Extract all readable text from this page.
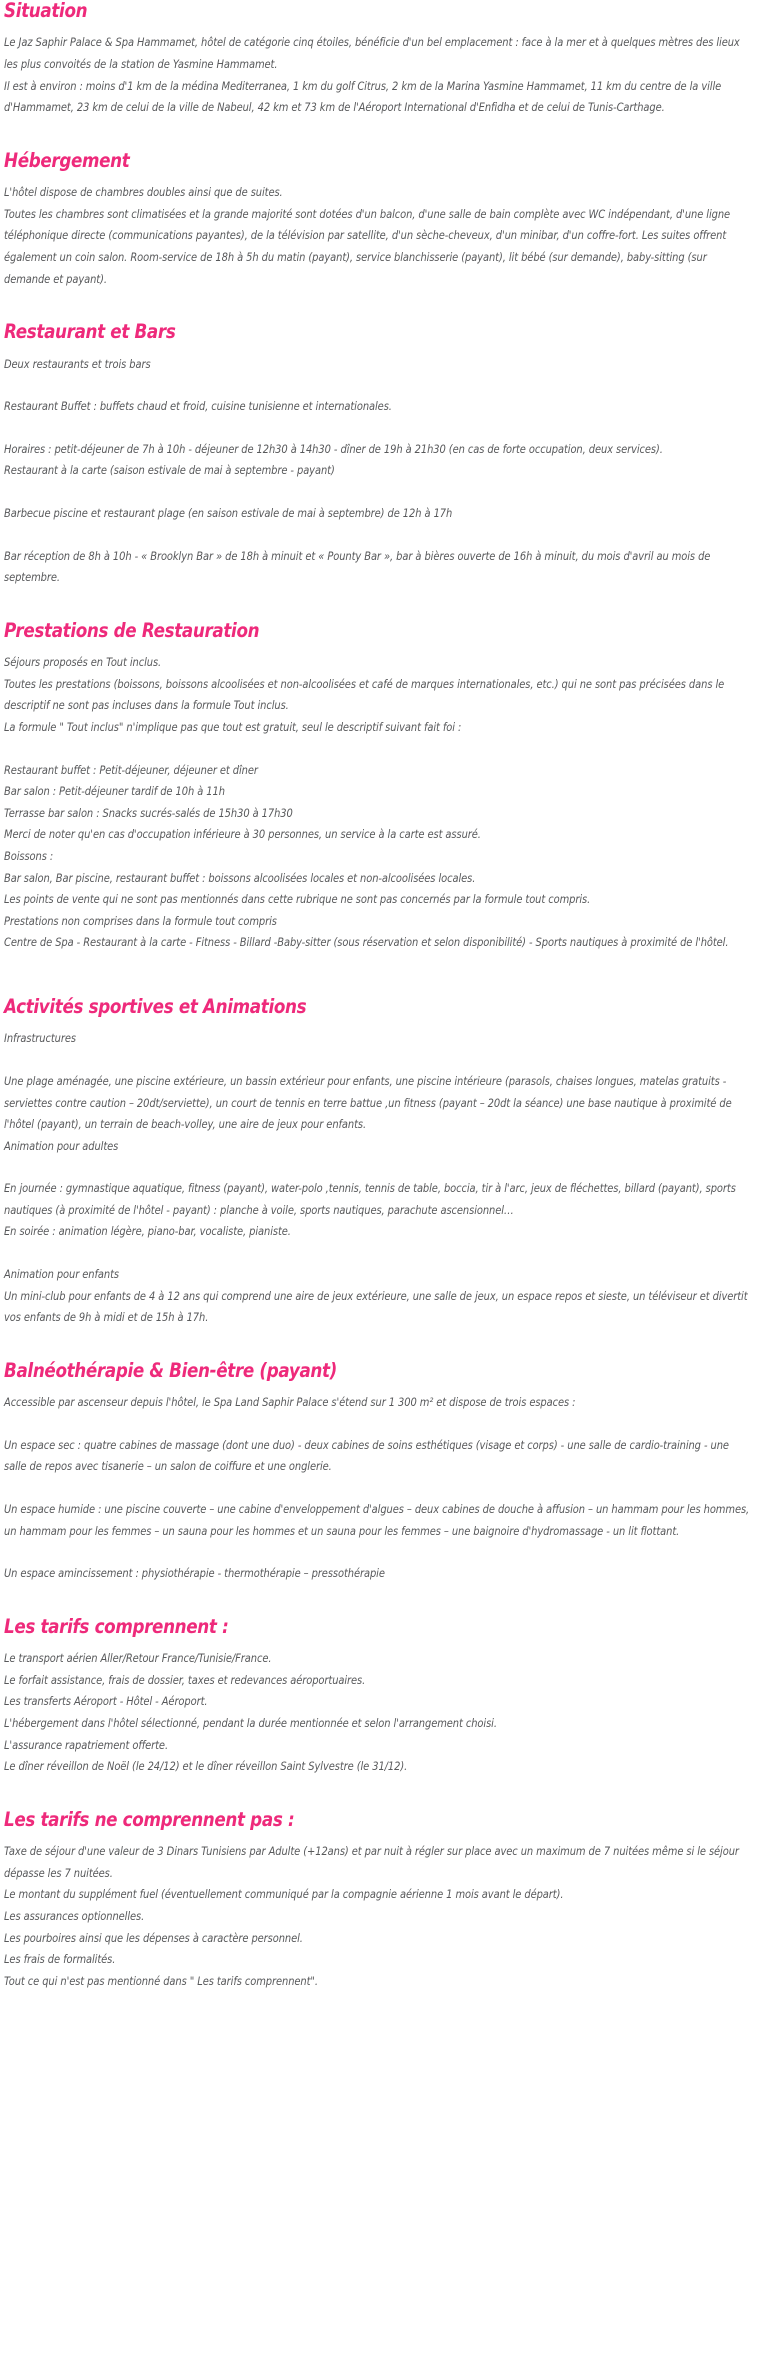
Situation

Le Jaz Saphir Palace & Spa Hammamet, hôtel de catégorie cinq étoiles, bénéficie d'un bel emplacement : face à la mer et à quelques mètres des lieux les plus convoités de la station de Yasmine Hammamet.

Il est à environ : moins d'1 km de la médina Mediterranea, 1 km du golf Citrus, 2 km de la Marina Yasmine Hammamet, 11 km du centre de la ville d'Hammamet, 23 km de celui de la ville de Nabeul, 42 km et 73 km de l'Aéroport International d'Enfidha et de celui de Tunis-Carthage.

Hébergement

L'hôtel dispose de chambres doubles ainsi que de suites.

Toutes les chambres sont climatisées et la grande majorité sont dotées d'un balcon, d'une salle de bain complète avec WC indépendant, d'une ligne téléphonique directe (communications payantes), de la télévision par satellite, d'un sèche-cheveux, d'un minibar, d'un coffre-fort. Les suites offrent également un coin salon. Room-service de 18h à 5h du matin (payant), service blanchisserie (payant), lit bébé (sur demande), baby-sitting (sur demande et payant).

Restaurant et Bars

Deux restaurants et trois bars

Restaurant Buffet : buffets chaud et froid, cuisine tunisienne et internationales.

Horaires : petit-déjeuner de 7h à 10h - déjeuner de 12h30 à 14h30 - dîner de 19h à 21h30 (en cas de forte occupation, deux services).

Restaurant à la carte (saison estivale de mai à septembre - payant)

Barbecue piscine et restaurant plage (en saison estivale de mai à septembre) de 12h à 17h

Bar réception de 8h à 10h - « Brooklyn Bar » de 18h à minuit et « Pounty Bar », bar à bières ouverte de 16h à minuit, du mois d'avril au mois de septembre.

Prestations de Restauration

Séjours proposés en Tout inclus.

Toutes les prestations (boissons, boissons alcoolisées et non-alcoolisées et café de marques internationales, etc.) qui ne sont pas précisées dans le descriptif ne sont pas incluses dans la formule Tout inclus.

La formule " Tout inclus" n'implique pas que tout est gratuit, seul le descriptif suivant fait foi :

Restaurant buffet : Petit-déjeuner, déjeuner et dîner

Bar salon : Petit-déjeuner tardif de 10h à 11h

Terrasse bar salon : Snacks sucrés-salés de 15h30 à 17h30

Merci de noter qu'en cas d'occupation inférieure à 30 personnes, un service à la carte est assuré.

Boissons :

Bar salon, Bar piscine, restaurant buffet : boissons alcoolisées locales et non-alcoolisées locales.

Les points de vente qui ne sont pas mentionnés dans cette rubrique ne sont pas concernés par la formule tout compris.

Prestations non comprises dans la formule tout compris

Centre de Spa - Restaurant à la carte - Fitness - Billard -Baby-sitter (sous réservation et selon disponibilité) - Sports nautiques à proximité de l'hôtel.

Activités sportives et Animations

Infrastructures

Une plage aménagée, une piscine extérieure, un bassin extérieur pour enfants, une piscine intérieure (parasols, chaises longues, matelas gratuits - serviettes contre caution – 20dt/serviette), un court de tennis en terre battue ,un fitness (payant – 20dt la séance) une base nautique à proximité de l'hôtel (payant), un terrain de beach-volley, une aire de jeux pour enfants.

Animation pour adultes

En journée : gymnastique aquatique, fitness (payant), water-polo ,tennis, tennis de table, boccia, tir à l'arc, jeux de fléchettes, billard (payant), sports nautiques (à proximité de l'hôtel - payant) : planche à voile, sports nautiques, parachute ascensionnel…

En soirée : animation légère, piano-bar, vocaliste, pianiste.

Animation pour enfants

Un mini-club pour enfants de 4 à 12 ans qui comprend une aire de jeux extérieure, une salle de jeux, un espace repos et sieste, un téléviseur et divertit vos enfants de 9h à midi et de 15h à 17h.

Balnéothérapie & Bien-être (payant)

Accessible par ascenseur depuis l'hôtel, le Spa Land Saphir Palace s'étend sur 1 300 m² et dispose de trois espaces :

Un espace sec : quatre cabines de massage (dont une duo) - deux cabines de soins esthétiques (visage et corps) - une salle de cardio-training - une salle de repos avec tisanerie – un salon de coiffure et une onglerie.

Un espace humide : une piscine couverte – une cabine d'enveloppement d'algues – deux cabines de douche à affusion – un hammam pour les hommes, un hammam pour les femmes – un sauna pour les hommes et un sauna pour les femmes – une baignoire d'hydromassage - un lit flottant.

Un espace amincissement : physiothérapie - thermothérapie – pressothérapie

Les tarifs comprennent :

Le transport aérien Aller/Retour France/Tunisie/France.

Le forfait assistance, frais de dossier, taxes et redevances aéroportuaires.

Les transferts Aéroport - Hôtel - Aéroport.

L'hébergement dans l'hôtel sélectionné, pendant la durée mentionnée et selon l'arrangement choisi.

L'assurance rapatriement offerte.

Le dîner réveillon de Noël (le 24/12) et le dîner réveillon Saint Sylvestre (le 31/12).

Les tarifs ne comprennent pas :

Taxe de séjour d'une valeur de 3 Dinars Tunisiens par Adulte (+12ans) et par nuit à régler sur place avec un maximum de 7 nuitées même si le séjour dépasse les 7 nuitées.

Le montant du supplément fuel (éventuellement communiqué par la compagnie aérienne 1 mois avant le départ).

Les assurances optionnelles.

Les pourboires ainsi que les dépenses à caractère personnel.

Les frais de formalités.

Tout ce qui n'est pas mentionné dans " Les tarifs comprennent".
